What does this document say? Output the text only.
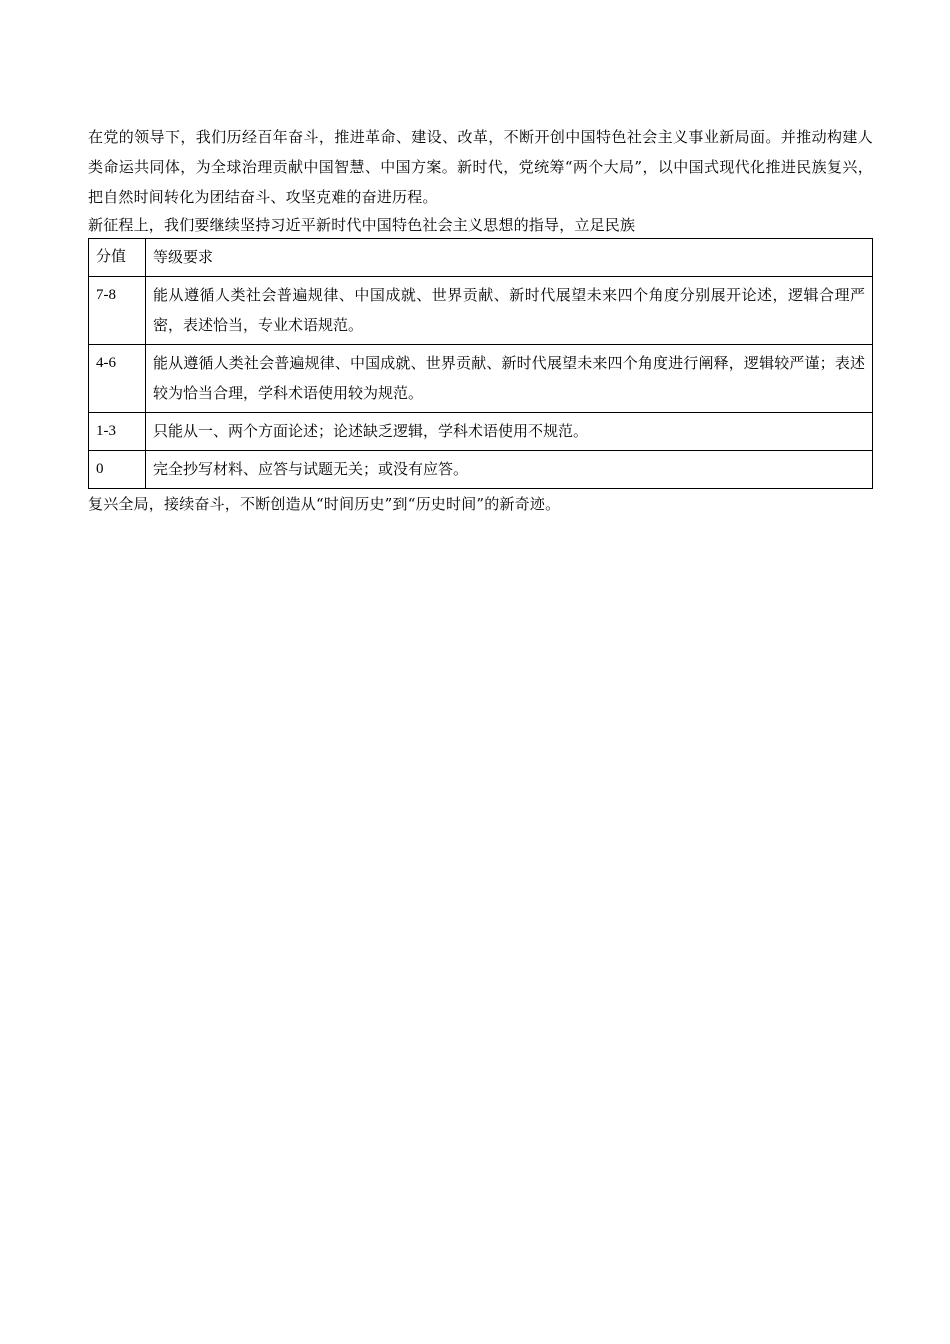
在党的领导下，我们历经百年奋斗，推进革命、建设、改革，不断开创中国特色社会主义事业新局面。并推动构建人类命运共同体，为全球治理贡献中国智慧、中国方案。新时代，党统筹“两个大局”，以中国式现代化推进民族复兴，把自然时间转化为团结奋斗、攻坚克难的奋进历程。

新征程上，我们要继续坚持习近平新时代中国特色社会主义思想的指导，立足民族

分值	等级要求
7-8	能从遵循人类社会普遍规律、中国成就、世界贡献、新时代展望未来四个角度分别展开论述，逻辑合理严密，表述恰当，专业术语规范。
4-6	能从遵循人类社会普遍规律、中国成就、世界贡献、新时代展望未来四个角度进行阐释，逻辑较严谨；表述较为恰当合理，学科术语使用较为规范。
1-3	只能从一、两个方面论述；论述缺乏逻辑，学科术语使用不规范。
0	完全抄写材料、应答与试题无关；或没有应答。

复兴全局，接续奋斗，不断创造从“时间历史”到“历史时间”的新奇迹。
